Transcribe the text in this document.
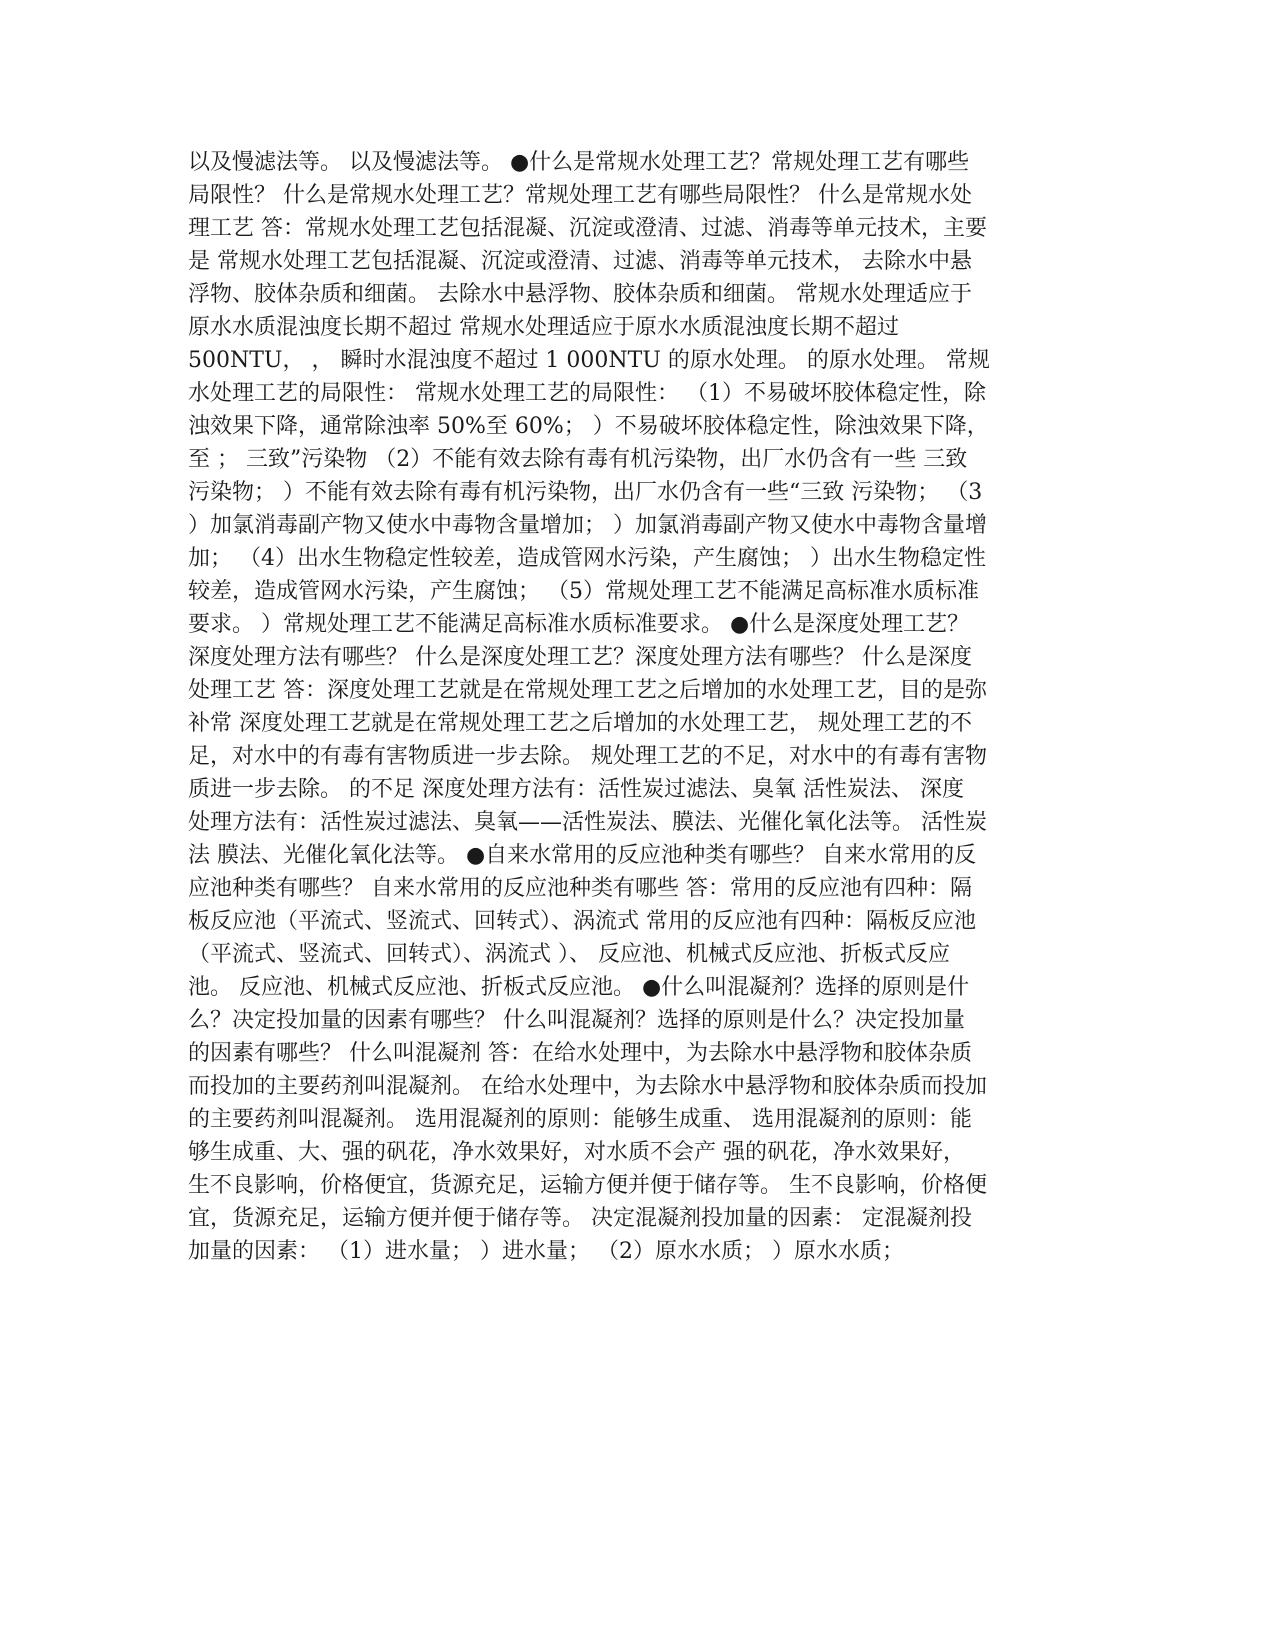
以及慢滤法等。 以及慢滤法等。 ●什么是常规水处理工艺？常规处理工艺有哪些
局限性？ 什么是常规水处理工艺？常规处理工艺有哪些局限性？ 什么是常规水处
理工艺 答：常规水处理工艺包括混凝、沉淀或澄清、过滤、消毒等单元技术，主要
是 常规水处理工艺包括混凝、沉淀或澄清、过滤、消毒等单元技术， 去除水中悬
浮物、胶体杂质和细菌。 去除水中悬浮物、胶体杂质和细菌。 常规水处理适应于
原水水质混浊度长期不超过 常规水处理适应于原水水质混浊度长期不超过
500NTU， ， 瞬时水混浊度不超过 1 000NTU 的原水处理。 的原水处理。 常规
水处理工艺的局限性： 常规水处理工艺的局限性： （1）不易破坏胶体稳定性，除
浊效果下降，通常除浊率 50%至 60%； ）不易破坏胶体稳定性，除浊效果下降，
至 ； 三致”污染物 （2）不能有效去除有毒有机污染物，出厂水仍含有一些 三致
污染物； ）不能有效去除有毒有机污染物，出厂水仍含有一些“三致 污染物； （3
）加氯消毒副产物又使水中毒物含量增加； ）加氯消毒副产物又使水中毒物含量增
加； （4）出水生物稳定性较差，造成管网水污染，产生腐蚀； ）出水生物稳定性
较差，造成管网水污染，产生腐蚀； （5）常规处理工艺不能满足高标准水质标准
要求。 ）常规处理工艺不能满足高标准水质标准要求。 ●什么是深度处理工艺？
深度处理方法有哪些？ 什么是深度处理工艺？深度处理方法有哪些？ 什么是深度
处理工艺 答：深度处理工艺就是在常规处理工艺之后增加的水处理工艺，目的是弥
补常 深度处理工艺就是在常规处理工艺之后增加的水处理工艺， 规处理工艺的不
足，对水中的有毒有害物质进一步去除。 规处理工艺的不足，对水中的有毒有害物
质进一步去除。 的不足 深度处理方法有：活性炭过滤法、臭氧 活性炭法、 深度
处理方法有：活性炭过滤法、臭氧——活性炭法、膜法、光催化氧化法等。 活性炭
法 膜法、光催化氧化法等。 ●自来水常用的反应池种类有哪些？ 自来水常用的反
应池种类有哪些？ 自来水常用的反应池种类有哪些 答：常用的反应池有四种：隔
板反应池（平流式、竖流式、回转式）、涡流式 常用的反应池有四种：隔板反应池
（平流式、竖流式、回转式）、涡流式 ）、 反应池、机械式反应池、折板式反应
池。 反应池、机械式反应池、折板式反应池。 ●什么叫混凝剂？选择的原则是什
么？决定投加量的因素有哪些？ 什么叫混凝剂？选择的原则是什么？决定投加量
的因素有哪些？ 什么叫混凝剂 答：在给水处理中，为去除水中悬浮物和胶体杂质
而投加的主要药剂叫混凝剂。 在给水处理中，为去除水中悬浮物和胶体杂质而投加
的主要药剂叫混凝剂。 选用混凝剂的原则：能够生成重、 选用混凝剂的原则：能
够生成重、大、强的矾花，净水效果好，对水质不会产 强的矾花，净水效果好，
生不良影响，价格便宜，货源充足，运输方便并便于储存等。 生不良影响，价格便
宜，货源充足，运输方便并便于储存等。 决定混凝剂投加量的因素： 定混凝剂投
加量的因素： （1）进水量； ）进水量； （2）原水水质； ）原水水质；
